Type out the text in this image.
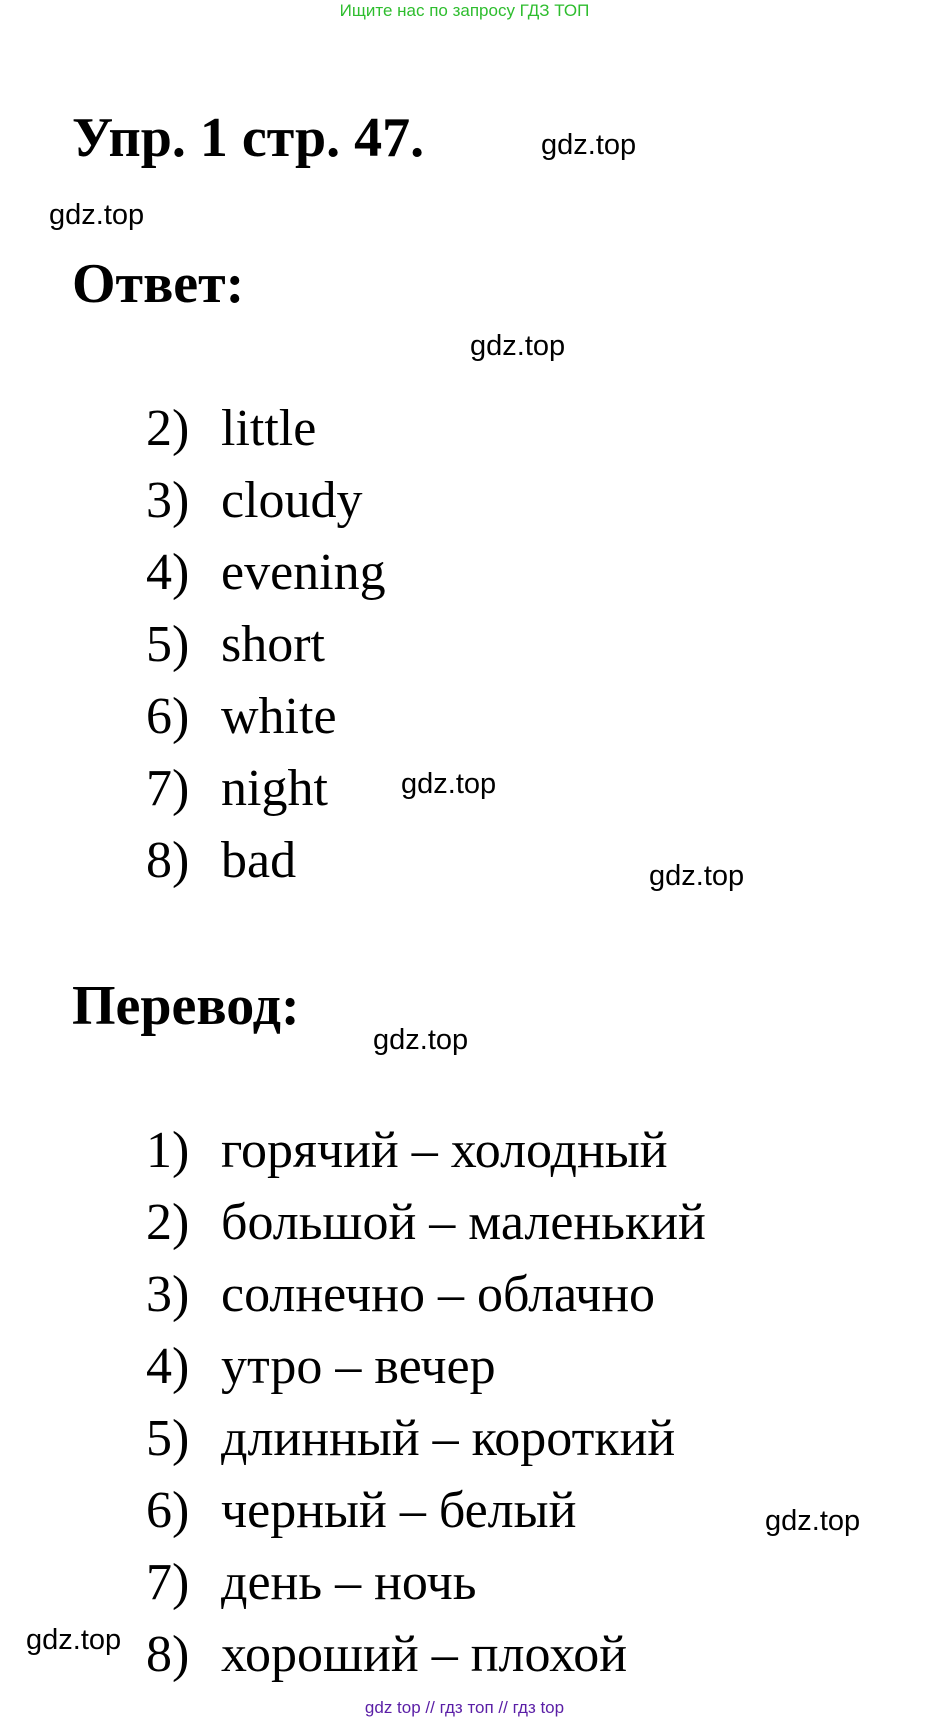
Ищите нас по запросу ГДЗ ТОП
Упр. 1 стр. 47.	gdz.top
gdz.top
Ответ:
gdz.top
2) little
3) cloudy
4) evening
5) short
6) white
7) night
8) bad
gdz.top
gdz.top
Перевод:
gdz.top
1) горячий – холодный
2) большой – маленький
3) солнечно – облачно
4) утро – вечер
5) длинный – короткий
6) черный – белый
7) день – ночь
8) хороший – плохой
gdz.top
gdz.top
gdz top // гдз топ // гдз top
